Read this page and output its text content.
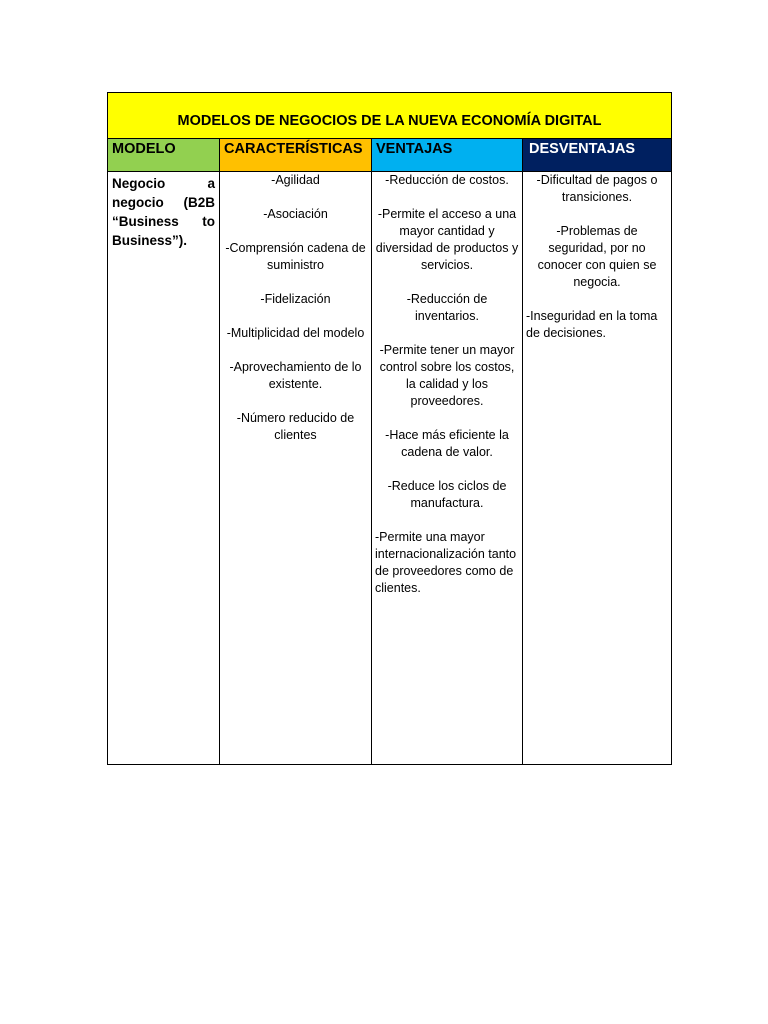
MODELOS DE NEGOCIOS DE LA NUEVA ECONOMÍA DIGITAL
MODELO	CARACTERÍSTICAS VENTAJAS	DESVENTAJAS
Negocio a negocio (B2B “Business to Business”).

-Agilidad

-Asociación

-Comprensión cadena de suministro

-Fidelización

-Multiplicidad del modelo

-Aprovechamiento de lo existente.

-Número reducido de clientes

-Reducción de costos.

-Permite el acceso a una mayor cantidad y diversidad de productos y servicios.

-Reducción de inventarios.

-Permite tener un mayor control sobre los costos, la calidad y los proveedores.

-Hace más eficiente la cadena de valor.

-Reduce los ciclos de manufactura.

-Permite una mayor internacionalización tanto de proveedores como de clientes.

-Dificultad de pagos o transiciones.

-Problemas de seguridad, por no conocer con quien se negocia.

-Inseguridad en la toma de decisiones.
